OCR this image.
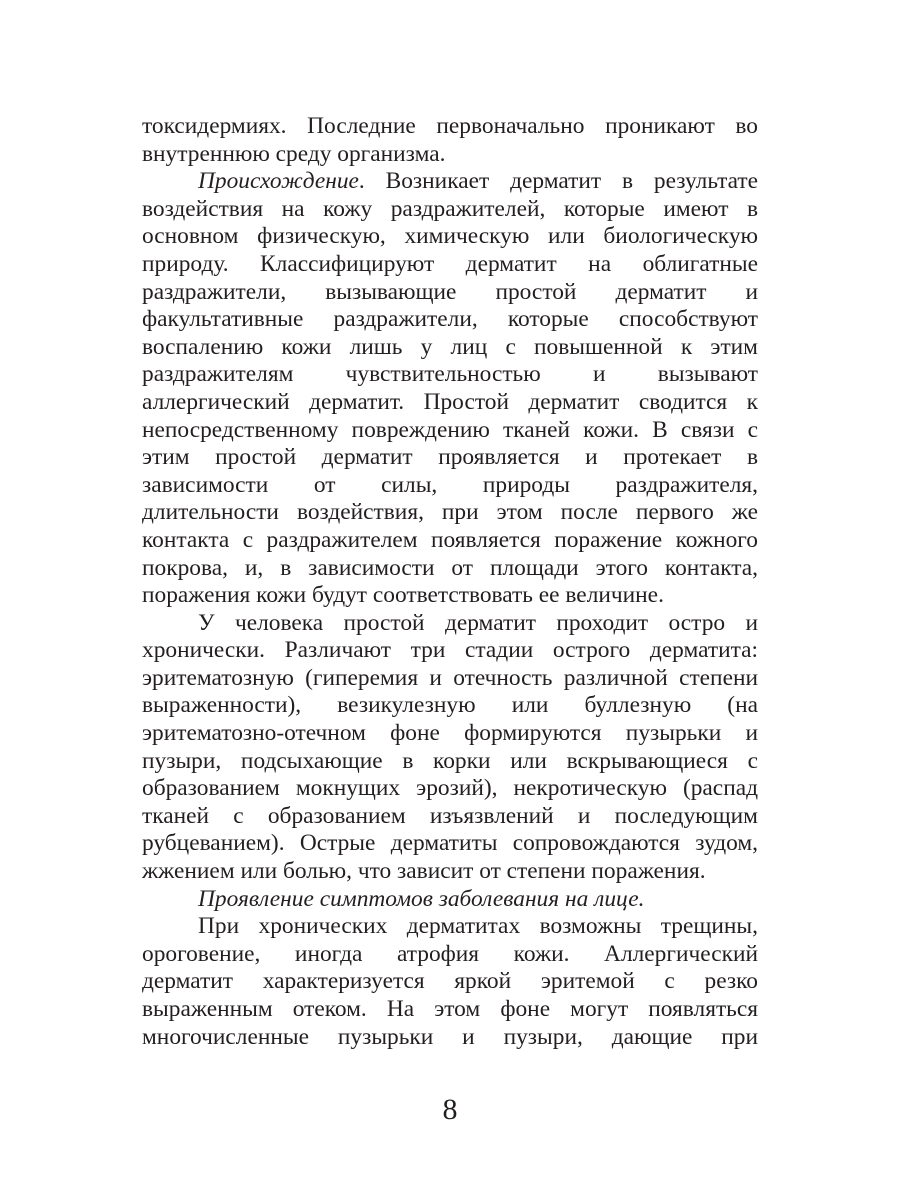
токсидермиях. Последние первоначально проникают во
внутреннюю среду организма.
Происхождение. Возникает дерматит в результате
воздействия на кожу раздражителей, которые имеют в
основном физическую, химическую или биологическую
природу. Классифицируют дерматит на облигатные
раздражители, вызывающие простой дерматит и
факультативные раздражители, которые способствуют
воспалению кожи лишь у лиц с повышенной к этим
раздражителям чувствительностью и вызывают
аллергический дерматит. Простой дерматит сводится к
непосредственному повреждению тканей кожи. В связи с
этим простой дерматит проявляется и протекает в
зависимости от силы, природы раздражителя,
длительности воздействия, при этом после первого же
контакта с раздражителем появляется поражение кожного
покрова, и, в зависимости от площади этого контакта,
поражения кожи будут соответствовать ее величине.
У человека простой дерматит проходит остро и
хронически. Различают три стадии острого дерматита:
эритематозную (гиперемия и отечность различной степени
выраженности), везикулезную или буллезную (на
эритематозно-отечном фоне формируются пузырьки и
пузыри, подсыхающие в корки или вскрывающиеся с
образованием мокнущих эрозий), некротическую (распад
тканей с образованием изъязвлений и последующим
рубцеванием). Острые дерматиты сопровождаются зудом,
жжением или болью, что зависит от степени поражения.
Проявление симптомов заболевания на лице.
При хронических дерматитах возможны трещины,
ороговение, иногда атрофия кожи. Аллергический
дерматит характеризуется яркой эритемой с резко
выраженным отеком. На этом фоне могут появляться
многочисленные пузырьки и пузыри, дающие при
8
